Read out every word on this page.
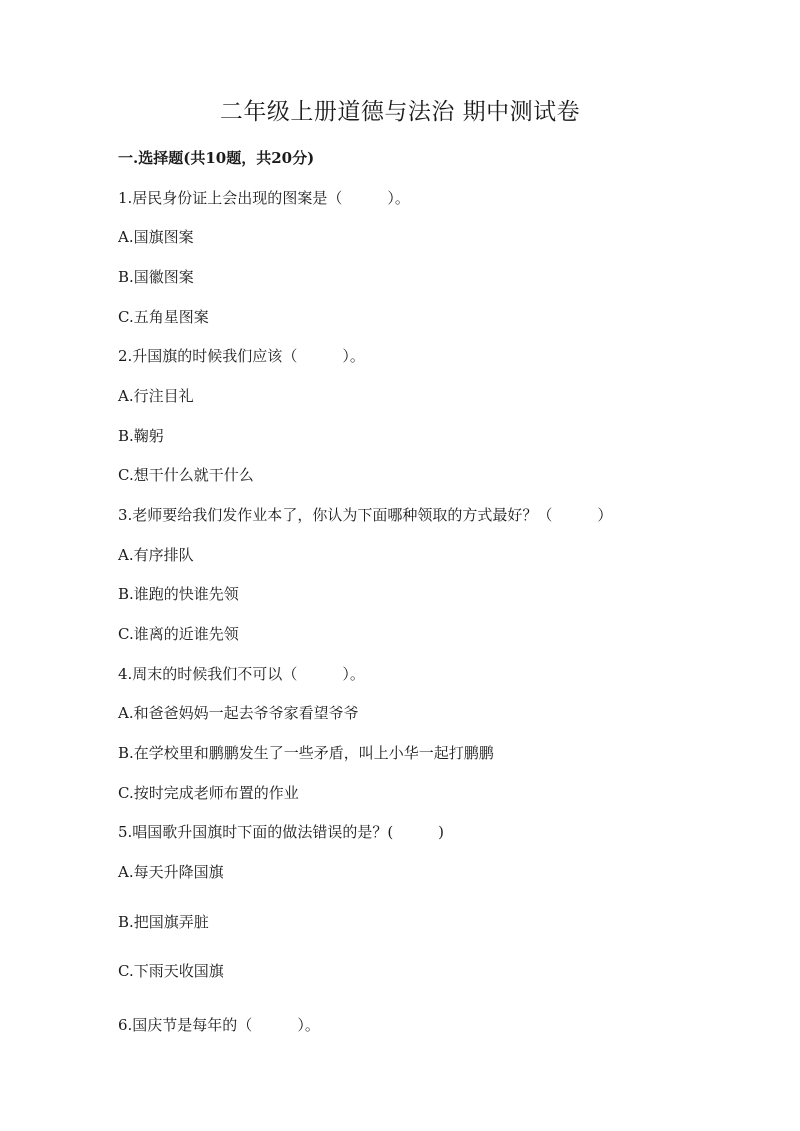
二年级上册道德与法治 期中测试卷
一.选择题(共10题，共20分)
1.居民身份证上会出现的图案是（　　　）。
A.国旗图案
B.国徽图案
C.五角星图案
2.升国旗的时候我们应该（　　　）。
A.行注目礼
B.鞠躬
C.想干什么就干什么
3.老师要给我们发作业本了，你认为下面哪种领取的方式最好？（　　　）
A.有序排队
B.谁跑的快谁先领
C.谁离的近谁先领
4.周末的时候我们不可以（　　　）。
A.和爸爸妈妈一起去爷爷家看望爷爷
B.在学校里和鹏鹏发生了一些矛盾，叫上小华一起打鹏鹏
C.按时完成老师布置的作业
5.唱国歌升国旗时下面的做法错误的是？(　　　)
A.每天升降国旗
B.把国旗弄脏
C.下雨天收国旗
6.国庆节是每年的（　　　）。
